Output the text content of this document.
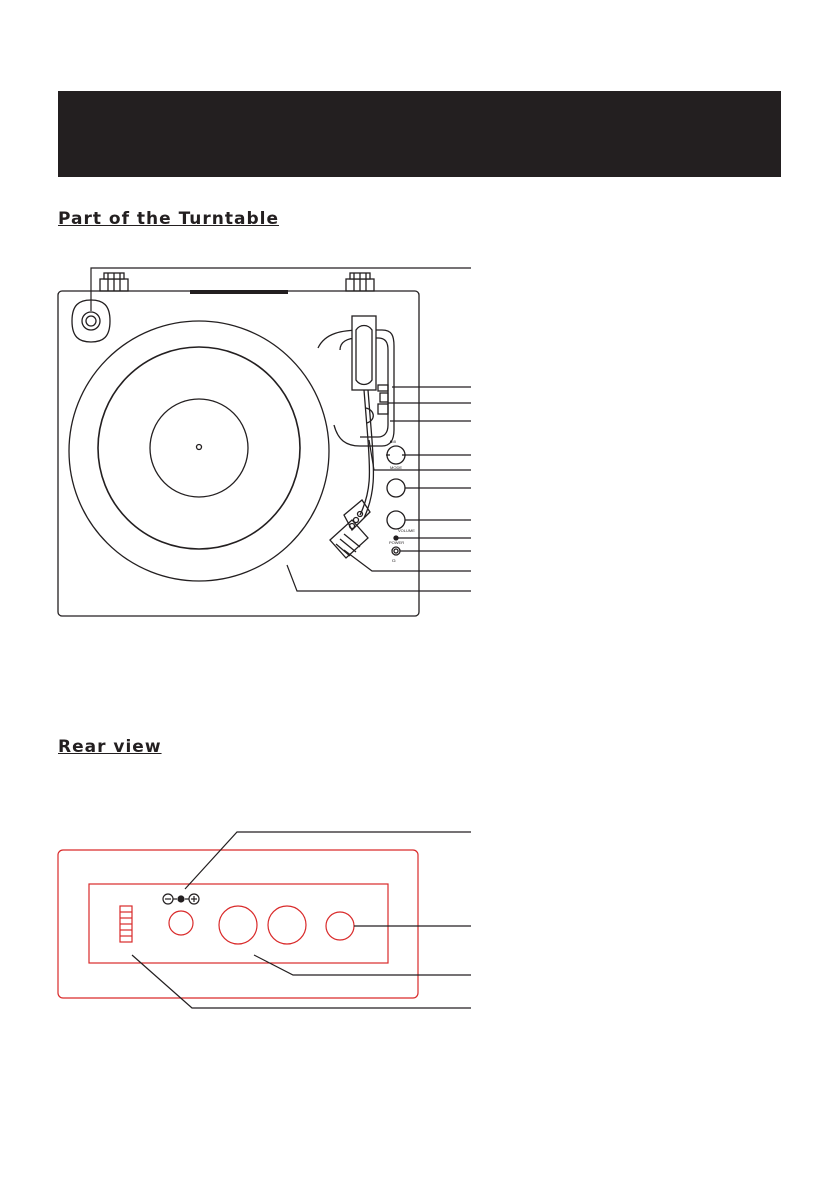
Part of the Turntable
Rear view
▶/II
MODE
VOLUME
POWER
☊
